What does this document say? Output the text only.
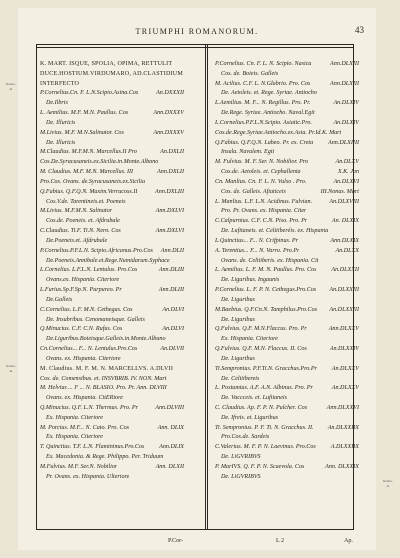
TRIUMPHI ROMANORUM.	43
Roma-ni
Roma-ni
Roma-ni
K. MART. ISQUE, SPOLIA, OPIMA, RETTULIT
DUCE.HOSTIUM.VIRDUMARO, AD.CLASTIDIUM
INTERFECTO
P.Cornelius.Cn. F. L.N.Scipio.Asina.Cos	An.DXXXII
De.Ilbris
L. Aemilius. M.F. M.N. Paullus. Cos	Ann.DXXXV
De. Illuricis
M.Livius. M.F. M.N.Salinator. Cos	Ann.DXXXV
De. Illuricis
M.Claudius. M.F.M.N. Marcellus.II Pro	An.DXLII
Cos.De.Syracusaneis.ex.Sicilia.in.Monte.Albano
M. Claudius. M.F. M.N. Marcellus. III	Ann.DXLII
Pro.Cos. Ovans. de.Syracusaneis.ex.Sicilia
Q.Fabius. Q.F.Q.N. Maxim.Verrucoss.II	Ann.DXLIII
Cos.V.de. Tarentineis.et. Poeneis
M.Livius. M.F.M.N. Salinator	Ann.DXLVI
Cos.de. Poeneis. et. Afdrubale
C.Claudius. Ti.F. Ti.N. Nero. Cos	Ann.DXLVI
De.Poeneis.et. Afdrubale
P.Cornelius.P.F.L.N. Scipio.Africanus.Pro.Cos Ann.DLII
De.Poeneis.Annibale.et.Rege.Numidarum.Syphace
L.Cornelius. L.F.L.N. Lentulus. Pro.Cos	Ann.DLIII
Ovans.ex. Hispania. Citeriore
L.Furius.Sp.F.Sp.N. Purpureo. Pr	Ann.DLIII
De.Galleis
C.Cornelius. L.F. M.N. Cethegus. Cos	An.DLVI
De. Insubribus. Cenomaneisque. Galleis
Q.Minucius. C.F. C.N. Rufus. Cos	An.DLVI
De.Liguribus.Boieisque.Galleis.in.Monte.Albano
Cn.Cornelius... F... N. Lentulus.Pro.Cos	An.DLVII
Ovans. ex. Hispania. Citeriore
M. Claudius. M. F. M. N. MARCELLVS. A.DLVII
Cos. de. Comensibus. et. INSVBRIB. IV. NON. Mart
M. Helvius ... F ... N. BLASIO. Pro. Pr. Ann. DLVIII
Ovans. ex. Hispania. CitERiore
Q.Minucius. Q.F. L.N. Thermus. Pro. Pr	Ann.DLVIII
Ex. Hispania. Citeriore
M. Porcius. M.F... N. Cato. Pro. Cos	Ann. DLIX
Ex. Hispania. Citeriore
T. Quinctius. T.F. L.N. Flamininus.Pro.Cos Ann.DLIX
Ex. Macedonia. & Rege. Philippo. Per. Triduum
M.Fulvius. M.F. Ser.N. Nobilior	Ann. DLXII
Pr. Ovans. ex. Hispania. Ulteriore
P.Cornelius. Cn. F. L. N. Scipio. Nasica	Ann.DLXIII
Cos. de. Boieis. Galleis
M. Acilius. C.F. L. N.Glabrio. Pro. Cos	Ann.DLXIII
De. Aetoleis. et. Rege. Syriae. Antiocho
L.Aemilius. M. F... N. Regillus. Pro. Pr.	An.DLXIV
De.Rege. Syriae. Antiocho. Naval.Egit
L.Cornelius.P.F.L.N.Scipio. Asiatic.Pro.	An.DLXIV
Cos.de.Rege.Syriae.Antiocho.ex.Asia. Pr.Id.K. Mart
Q.Fabius. Q.F.Q.N. Labeo. Pr. ex. Creta Ann.DLXIIII
Insula. Navalem. Egit
M. Fulvius. M. F. Ser. N. Nobilior. Pro	An.DLXV
Cos.de. Aetoleis. et. Cephallenia	X.K. Jan
Cn. Manlius. Cn. F. L. N. Vulso . Pro.	An.DLXVI
Cos. de. Galleis. Afiaticeis	III.Nonas. Mart
L. Manlius. L.F. L.N. Acidinus. Fulvian.	An.DLXVIII
Pro. Pr. Ovans. ex. Hispania. Citer
C.Calpurnius. C.F. C.N. Piso. Pro. Pr	An. DLXIX
De. Lufitaneis. et. Celtiiberéis. ex. Hispania
L.Quinctius... F... N. Crifpinus. Pr	Ann.DLXIX
A. Terentius... F... N. Varro. Pro.Pr	An.DLXX
Ovans. de. Celtiiberis. ex. Hispania. Cit
L. Aemilius. L. F. M. N. Paullus. Pro. Cos An.DLXXII
De. Liguribus. Ingaunis
P.Cornelius. L. F. P. N. Cethegus.Pro.Cos An.DLXXIII
De. Liguribus
M.Baebius. Q.F.Cn.N. Tamphilus.Pro.Cos An.DLXXIII
De. Liguribus
Q.Fulvius. Q.F. M.N.Flaccus. Pro. Pr	Ann.DLXXV
Ex. Hispania. Citeriore
Q.Fulvius. Q.F. M.N. Flaccus. II. Cos	An.DLXXIV
De. Liguribus
Ti.Sempronius. P.F.Ti.N. Gracchus.Pro.Pr An.DLXXV
De. Celtiibereis
L. Postumius. A.F. A.N. Albinus. Pro. Pr	An.DLXXV
De. Vaccceis. et. Lufitaneis
C. Claudius. Ap. F. P. N. Pulcher. Cos	Ann.DLXXVI
De. Ifreis. et. Liguribus
Ti. Sempronius. P. F. Ti. N. Gracchus. II. An.DLXXIIX
Pro.Cos.de. Sardeis
C.Valerius. M. F. P. N. Laevinus. Pro.Cos A.DLXXIIX
De. LiGVRIBVS
P. MarIVS. Q. F. P. N. Scaevola. Cos	Ann. DLXXIX
De. LiGVRIBVS
P.Cor-	L 2	Ap.
